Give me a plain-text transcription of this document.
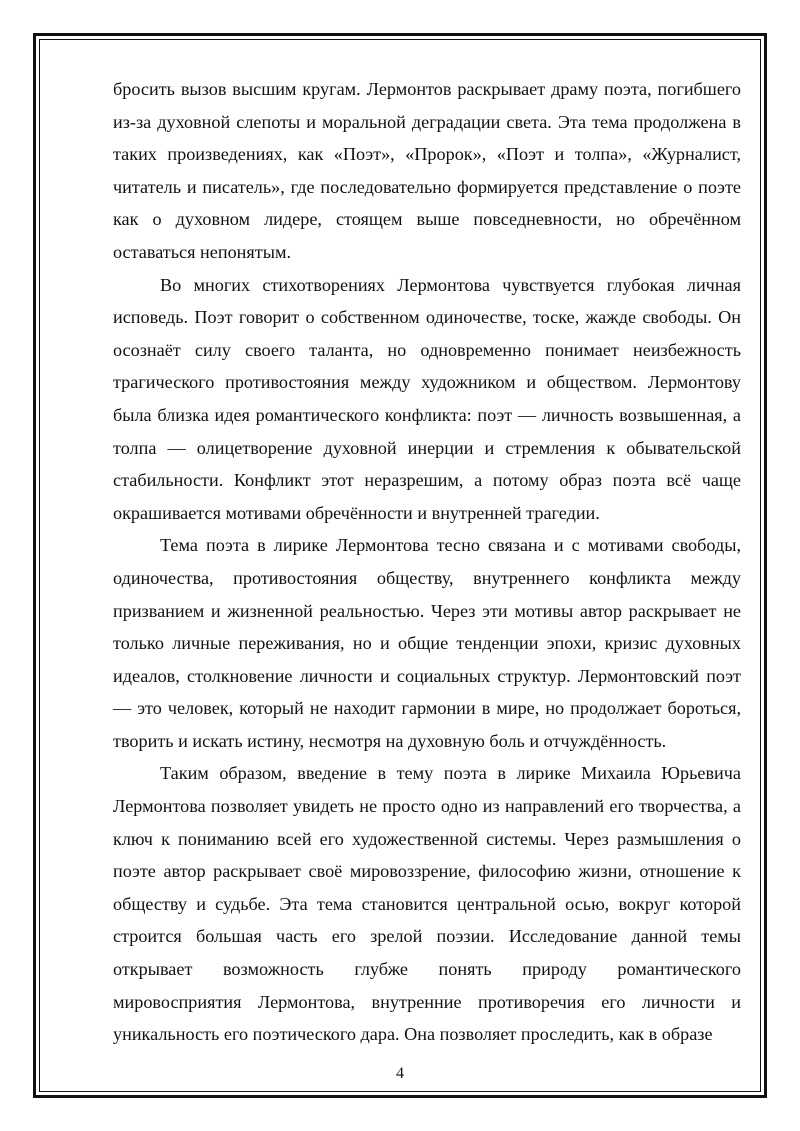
бросить вызов высшим кругам. Лермонтов раскрывает драму поэта, погибшего из-за духовной слепоты и моральной деградации света. Эта тема продолжена в таких произведениях, как «Поэт», «Пророк», «Поэт и толпа», «Журналист, читатель и писатель», где последовательно формируется представление о поэте как о духовном лидере, стоящем выше повседневности, но обречённом оставаться непонятым.

Во многих стихотворениях Лермонтова чувствуется глубокая личная исповедь. Поэт говорит о собственном одиночестве, тоске, жажде свободы. Он осознаёт силу своего таланта, но одновременно понимает неизбежность трагического противостояния между художником и обществом. Лермонтову была близка идея романтического конфликта: поэт — личность возвышенная, а толпа — олицетворение духовной инерции и стремления к обывательской стабильности. Конфликт этот неразрешим, а потому образ поэта всё чаще окрашивается мотивами обречённости и внутренней трагедии.

Тема поэта в лирике Лермонтова тесно связана и с мотивами свободы, одиночества, противостояния обществу, внутреннего конфликта между призванием и жизненной реальностью. Через эти мотивы автор раскрывает не только личные переживания, но и общие тенденции эпохи, кризис духовных идеалов, столкновение личности и социальных структур. Лермонтовский поэт — это человек, который не находит гармонии в мире, но продолжает бороться, творить и искать истину, несмотря на духовную боль и отчуждённость.

Таким образом, введение в тему поэта в лирике Михаила Юрьевича Лермонтова позволяет увидеть не просто одно из направлений его творчества, а ключ к пониманию всей его художественной системы. Через размышления о поэте автор раскрывает своё мировоззрение, философию жизни, отношение к обществу и судьбе. Эта тема становится центральной осью, вокруг которой строится большая часть его зрелой поэзии. Исследование данной темы открывает возможность глубже понять природу романтического мировосприятия Лермонтова, внутренние противоречия его личности и уникальность его поэтического дара. Она позволяет проследить, как в образе

4
